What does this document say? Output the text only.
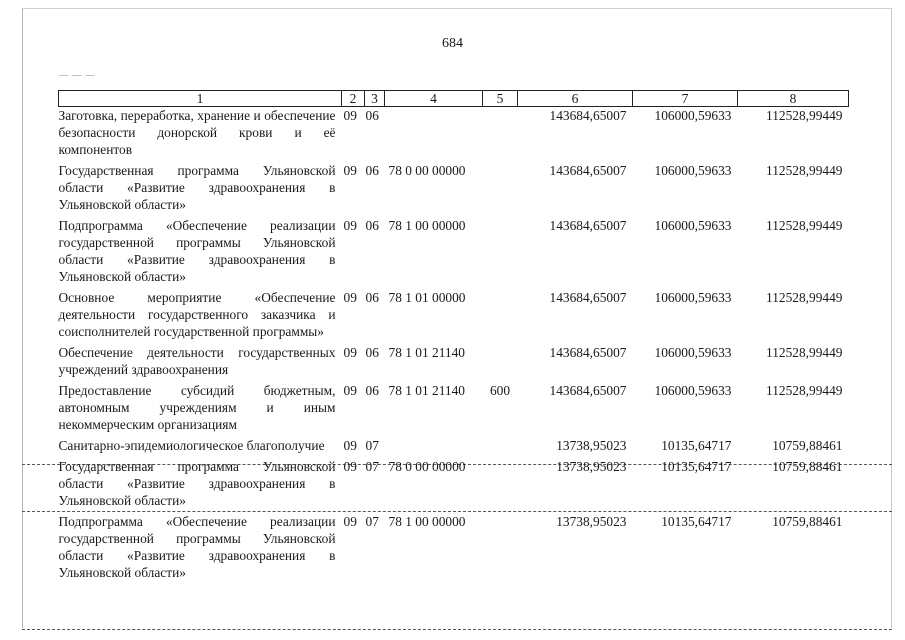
684
— — —
1	2	3	4	5	6	7	8
Заготовка, переработка, хранение и обеспечение безопасности донорской крови и её компонентов	09	06			143684,65007	106000,59633	112528,99449
Государственная программа Ульяновской области «Развитие здравоохранения в Ульяновской области»	09	06	78 0 00 00000		143684,65007	106000,59633	112528,99449
Подпрограмма «Обеспечение реализации государственной программы Ульяновской области «Развитие здравоохранения в Ульяновской области»	09	06	78 1 00 00000		143684,65007	106000,59633	112528,99449
Основное мероприятие «Обеспечение деятельности государственного заказчика и соисполнителей государственной программы»	09	06	78 1 01 00000		143684,65007	106000,59633	112528,99449
Обеспечение деятельности государственных учреждений здравоохранения	09	06	78 1 01 21140		143684,65007	106000,59633	112528,99449
Предоставление субсидий бюджетным, автономным учреждениям и иным некоммерческим организациям	09	06	78 1 01 21140	600	143684,65007	106000,59633	112528,99449
Санитарно-эпидемиологическое благополучие	09	07			13738,95023	10135,64717	10759,88461
Государственная программа Ульяновской области «Развитие здравоохранения в Ульяновской области»	09	07	78 0 00 00000		13738,95023	10135,64717	10759,88461
Подпрограмма «Обеспечение реализации государственной программы Ульяновской области «Развитие здравоохранения в Ульяновской области»	09	07	78 1 00 00000		13738,95023	10135,64717	10759,88461
